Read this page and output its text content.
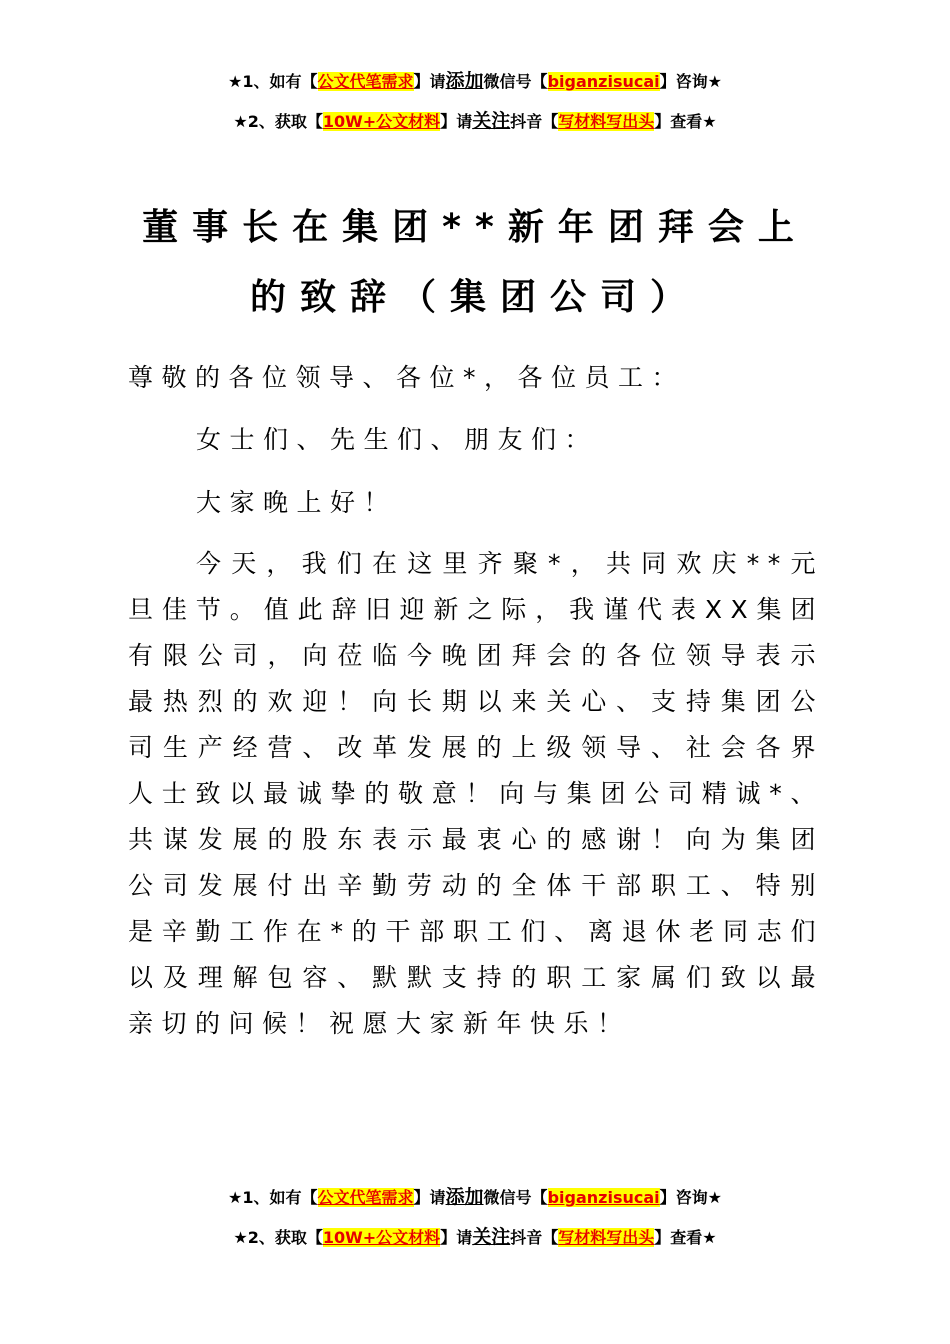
★1、如有【公文代笔需求】请添加微信号【biganzisucai】咨询★
★2、获取【10W+公文材料】请关注抖音【写材料写出头】查看★
董事长在集团**新年团拜会上
的致辞（集团公司）
尊敬的各位领导、各位*，各位员工：
女士们、先生们、朋友们：
大家晚上好！
今天，我们在这里齐聚*，共同欢庆**元旦佳节。值此辞旧迎新之际，我谨代表XX集团有限公司，向莅临今晚团拜会的各位领导表示最热烈的欢迎！向长期以来关心、支持集团公司生产经营、改革发展的上级领导、社会各界人士致以最诚挚的敬意！向与集团公司精诚*、共谋发展的股东表示最衷心的感谢！向为集团公司发展付出辛勤劳动的全体干部职工、特别是辛勤工作在*的干部职工们、离退休老同志们以及理解包容、默默支持的职工家属们致以最亲切的问候！祝愿大家新年快乐！
★1、如有【公文代笔需求】请添加微信号【biganzisucai】咨询★
★2、获取【10W+公文材料】请关注抖音【写材料写出头】查看★
